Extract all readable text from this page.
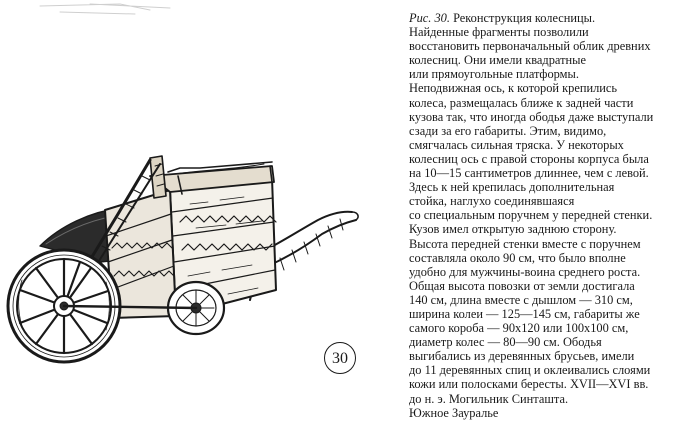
30
Рис. 30. Реконструкция колесницы.
Найденные фрагменты позволили
восстановить первоначальный облик древних
колесниц. Они имели квадратные
или прямоугольные платформы.
Неподвижная ось, к которой крепились
колеса, размещалась ближе к задней части
кузова так, что иногда ободья даже выступали
сзади за его габариты. Этим, видимо,
смягчалась сильная тряска. У некоторых
колесниц ось с правой стороны корпуса была
на 10—15 сантиметров длиннее, чем с левой.
Здесь к ней крепилась дополнительная
стойка, наглухо соединявшаяся
со специальным поручнем у передней стенки.
Кузов имел открытую заднюю сторону.
Высота передней стенки вместе с поручнем
составляла около 90 см, что было вполне
удобно для мужчины-воина среднего роста.
Общая высота повозки от земли достигала
140 см, длина вместе с дышлом — 310 см,
ширина колеи — 125—145 см, габариты же
самого короба — 90х120 или 100х100 см,
диаметр колес — 80—90 см. Ободья
выгибались из деревянных брусьев, имели
до 11 деревянных спиц и оклеивались слоями
кожи или полосками бересты. XVII—XVI вв.
до н. э. Могильник Синташта.
Южное Зауралье
